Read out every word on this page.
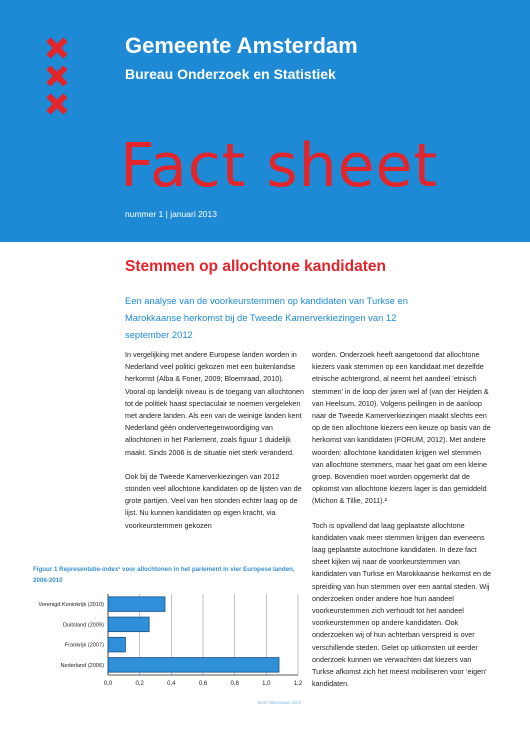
Gemeente Amsterdam
Bureau Onderzoek en Statistiek
Fact sheet
nummer 1 | januari 2013
Stemmen op allochtone kandidaten
Een analyse van de voorkeurstemmen op kandidaten van Turkse en Marokkaanse herkomst bij de Tweede Kamerverkiezingen van 12 september 2012

In vergelijking met andere Europese landen worden in Nederland veel politici gekozen met een buitenlandse herkomst (Alba & Foner, 2009; Bloemraad, 2010). Vooral op landelijk niveau is de toegang van allochtonen tot de politiek haast spectaculair te noemen vergeleken met andere landen. Als een van de weinige landen kent Nederland géén ondervertegenwoordiging van allochtonen in het Parlement, zoals figuur 1 duidelijk maakt. Sinds 2006 is de situatie niet sterk veranderd.

Ook bij de Tweede Kamerverkiezingen van 2012 stonden veel allochtone kandidaten op de lijsten van de grote partijen. Veel van hen stonden echter laag op de lijst. Nu kunnen kandidaten op eigen kracht, via voorkeurstemmen gekozen

worden. Onderzoek heeft aangetoond dat allochtone kiezers vaak stemmen op een kandidaat met dezelfde etnische achtergrond, al neemt het aandeel ‘etnisch stemmen’ in de loop der jaren wel af (van der Heijden & van Heelsum, 2010). Volgens peilingen in de aanloop naar de Tweede Kamerverkiezingen maakt slechts een op de tien allochtone kiezers een keuze op basis van de herkomst van kandidaten (FORUM, 2012). Met andere woorden: allochtone kandidaten krijgen wel stemmen van allochtone stemmers, maar het gaat om een kleine groep. Bovendien moet worden opgemerkt dat de opkomst van allochtone kiezers lager is dan gemiddeld (Michon & Tillie, 2011).²

Toch is opvallend dat laag geplaatste allochtone kandidaten vaak meer stemmen krijgen dan eveneens laag geplaatste autochtone kandidaten. In deze fact sheet kijken wij naar de voorkeurstemmen van kandidaten van Turkse en Marokkaanse herkomst en de spreiding van hun stemmen over een aantal steden. Wij onderzoeken onder andere hoe hun aandeel voorkeurstemmen zich verhoudt tot het aandeel voorkeurstemmen op andere kandidaten. Ook onderzoeken wij of hun achterban verspreid is over verschillende steden. Gelet op uitkomsten uit eerder onderzoek kunnen we verwachten dat kiezers van Turkse afkomst zich het meest mobiliseren voor ‘eigen’ kandidaten.

Figuur 1 Representatie-index¹ voor allochtonen in het parlement in vier Europese landen, 2006-2010
0,0	0,2	0,4	0,6	0,8	1,0	1,2
Verenigd Koninkrijk (2010)
Duitsland (2009)
Frankrijk (2007)
Nederland (2006)
Bron: Bloemraad, 2010
